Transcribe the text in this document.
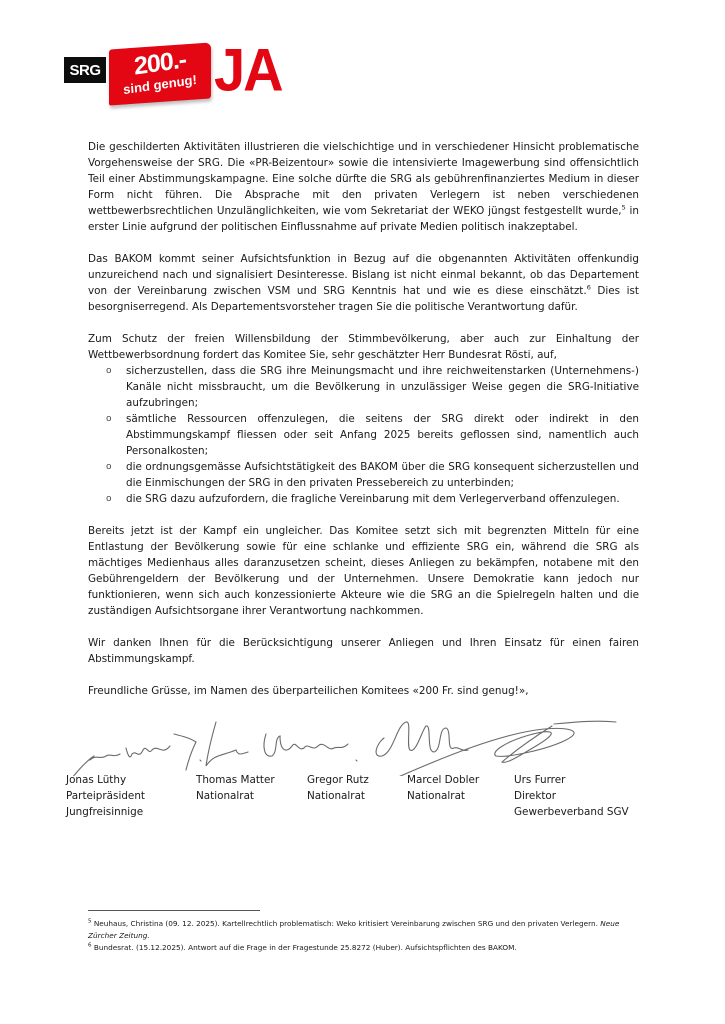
SRG	200.-
sind genug! JA

Die geschilderten Aktivitäten illustrieren die vielschichtige und in verschiedener Hinsicht problematische Vorgehensweise der SRG. Die «PR-Beizentour» sowie die intensivierte Imagewerbung sind offensichtlich Teil einer Abstimmungskampagne. Eine solche dürfte die SRG als gebührenfinanziertes Medium in dieser Form nicht führen. Die Absprache mit den privaten Verlegern ist neben verschiedenen wettbewerbsrechtlichen Unzulänglichkeiten, wie vom Sekretariat der WEKO jüngst festgestellt wurde,$^5$ in erster Linie aufgrund der politischen Einflussnahme auf private Medien politisch inakzeptabel.

Das BAKOM kommt seiner Aufsichtsfunktion in Bezug auf die obgenannten Aktivitäten offenkundig unzureichend nach und signalisiert Desinteresse. Bislang ist nicht einmal bekannt, ob das Departement von der Vereinbarung zwischen VSM und SRG Kenntnis hat und wie es diese einschätzt.$^6$ Dies ist besorgniserregend. Als Departementsvorsteher tragen Sie die politische Verantwortung dafür.

Zum Schutz der freien Willensbildung der Stimmbevölkerung, aber auch zur Einhaltung der Wettbewerbsordnung fordert das Komitee Sie, sehr geschätzter Herr Bundesrat Rösti, auf,

o sicherzustellen, dass die SRG ihre Meinungsmacht und ihre reichweitenstarken (Unternehmens-) Kanäle nicht missbraucht, um die Bevölkerung in unzulässiger Weise gegen die SRG-Initiative aufzubringen;
o sämtliche Ressourcen offenzulegen, die seitens der SRG direkt oder indirekt in den Abstimmungskampf fliessen oder seit Anfang 2025 bereits geflossen sind, namentlich auch Personalkosten;
o die ordnungsgemässe Aufsichtstätigkeit des BAKOM über die SRG konsequent sicherzustellen und die Einmischungen der SRG in den privaten Pressebereich zu unterbinden;
o die SRG dazu aufzufordern, die fragliche Vereinbarung mit dem Verlegerverband offenzulegen.

Bereits jetzt ist der Kampf ein ungleicher. Das Komitee setzt sich mit begrenzten Mitteln für eine Entlastung der Bevölkerung sowie für eine schlanke und effiziente SRG ein, während die SRG als mächtiges Medienhaus alles daranzusetzen scheint, dieses Anliegen zu bekämpfen, notabene mit den Gebührengeldern der Bevölkerung und der Unternehmen. Unsere Demokratie kann jedoch nur funktionieren, wenn sich auch konzessionierte Akteure wie die SRG an die Spielregeln halten und die zuständigen Aufsichtsorgane ihrer Verantwortung nachkommen.

Wir danken Ihnen für die Berücksichtigung unserer Anliegen und Ihren Einsatz für einen fairen Abstimmungskampf.

Freundliche Grüsse, im Namen des überparteilichen Komitees «200 Fr. sind genug!»,

Jonas Lüthy
Parteipräsident
Jungfreisinnige
Thomas Matter
Nationalrat
Gregor Rutz
Nationalrat
Marcel Dobler
Nationalrat
Urs Furrer
Direktor
Gewerbeverband SGV
$^5$ Neuhaus, Christina (09. 12. 2025). Kartellrechtlich problematisch: Weko kritisiert Vereinbarung zwischen SRG und den privaten Verlegern. Neue Zürcher Zeitung.
$^6$ Bundesrat. (15.12.2025). Antwort auf die Frage in der Fragestunde 25.8272 (Huber). Aufsichtspflichten des BAKOM.
